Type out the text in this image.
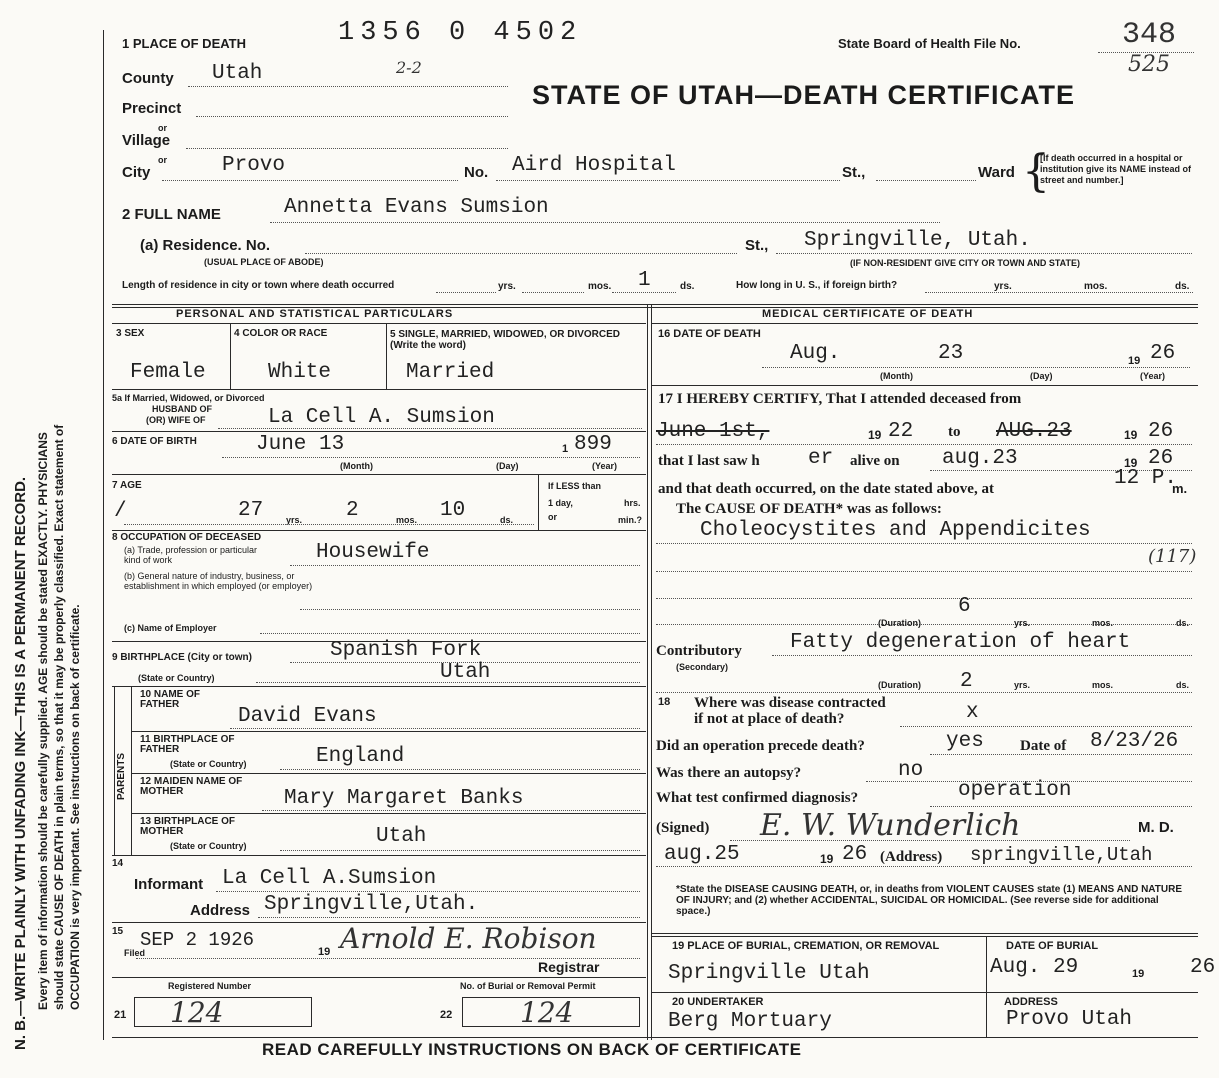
N. B.—WRITE PLAINLY WITH UNFADING INK—THIS IS A PERMANENT RECORD. Every item of information should be carefully supplied. AGE should be stated EXACTLY. PHYSICIANS should state CAUSE OF DEATH in plain terms, so that it may be properly classified. Exact statement of OCCUPATION is very important. See instructions on back of certificate.
1 PLACE OF DEATH	1356 0 4502	State Board of Health File No.	348
525
STATE OF UTAH—DEATH CERTIFICATE
County Utah	2-2
Precinct
or
Village
or
City	Provo	No. Aird Hospital	St.,	Ward {
[If death occurred in a hospital or institution give its NAME instead of street and number.]
2 FULL NAME	Annetta Evans Sumsion
(a) Residence. No.
(USUAL PLACE OF ABODE)
St., Springville, Utah.
(IF NON-RESIDENT GIVE CITY OR TOWN AND STATE)
Length of residence in city or town where death occurred	yrs.	mos. 1	ds.	How long in U. S., if foreign birth?	yrs.	mos.	ds.
PERSONAL AND STATISTICAL PARTICULARS
3 SEX
Female
4 COLOR OR RACE
White
5 SINGLE, MARRIED, WIDOWED, OR DIVORCED (Write the word)
Married
5a If Married, Widowed, or Divorced
HUSBAND OF
(OR) WIFE OF	La Cell A. Sumsion
6 DATE OF BIRTH	June 13	1 899
(Month)	(Day)	(Year)
7 AGE
/	27	yrs. 2	mos. 10	ds.
If LESS than
1 day,	hrs.
or	min.?
8 OCCUPATION OF DECEASED
(a) Trade, profession or particular kind of work	Housewife
(b) General nature of industry, business, or establishment in which employed (or employer)
(c) Name of Employer
9 BIRTHPLACE (City or town)	Spanish Fork
(State or Country)	Utah
PARENTS
10 NAME OF FATHER
David Evans
11 BIRTHPLACE OF FATHER
(State or Country)	England
12 MAIDEN NAME OF MOTHER	Mary Margaret Banks
13 BIRTHPLACE OF MOTHER
(State or Country)	Utah
14
Informant La Cell A.Sumsion
Address Springville,Utah.
15
Filed
SEP 2 1926
19 Arnold E. Robison
Registrar
Registered Number	No. of Burial or Removal Permit
21 124	22 124
MEDICAL CERTIFICATE OF DEATH
16 DATE OF DEATH
Aug.	23	19 26
(Month)	(Day)	(Year)
17 I HEREBY CERTIFY, That I attended deceased from
June 1st,	19 22 to AUG.23	19 26
that I last saw h er alive on aug.23	19 26
and that death occurred, on the date stated above, at	12 P.
m.
The CAUSE OF DEATH* was as follows:
Choleocystites and Appendicites
(117)
6
(Duration)	yrs.	mos.	ds.
Contributory
(Secondary)
Fatty degeneration of heart
2
(Duration)	yrs.	mos.	ds.
18 Where was disease contracted
if not at place of death?	x
Did an operation precede death?	yes Date of 8/23/26
Was there an autopsy?	no
What test confirmed diagnosis?	operation
(Signed) E. W. Wunderlich	M. D.
aug.25	19 26 (Address) springville,Utah
*State the DISEASE CAUSING DEATH, or, in deaths from VIOLENT CAUSES state (1) MEANS AND NATURE OF INJURY; and (2) whether ACCIDENTAL, SUICIDAL OR HOMICIDAL. (See reverse side for additional space.)
19 PLACE OF BURIAL, CREMATION, OR REMOVAL
Springville Utah
DATE OF BURIAL
Aug. 29	19 26
20 UNDERTAKER
Berg Mortuary
ADDRESS
Provo Utah
READ CAREFULLY INSTRUCTIONS ON BACK OF CERTIFICATE
